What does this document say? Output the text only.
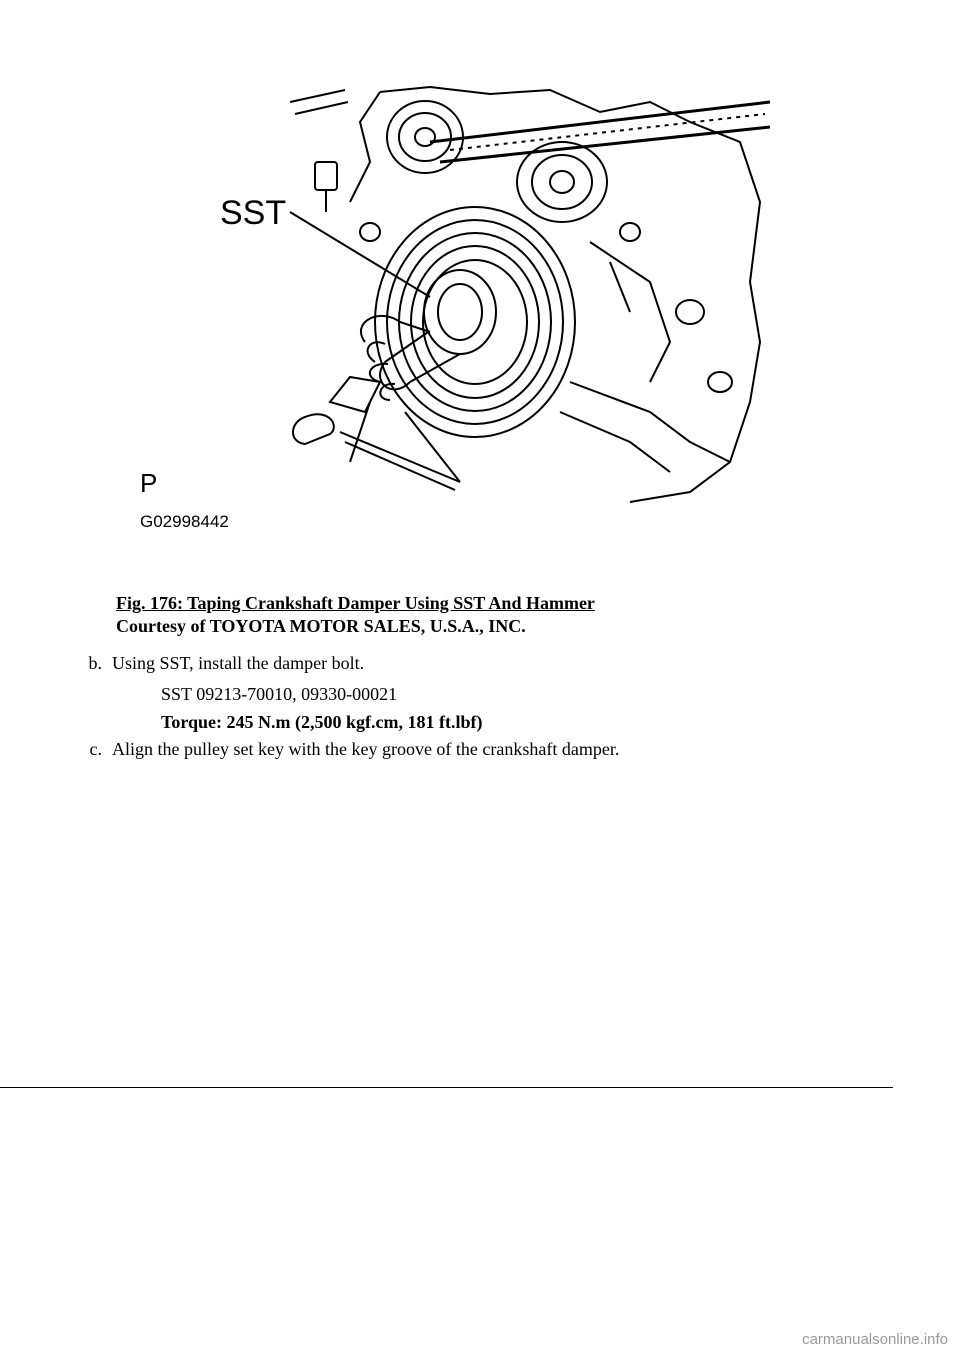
SST
P
G02998442
Fig. 176: Taping Crankshaft Damper Using SST And Hammer
Courtesy of TOYOTA MOTOR SALES, U.S.A., INC.
b. Using SST, install the damper bolt.
SST 09213-70010, 09330-00021
Torque: 245 N.m (2,500 kgf.cm, 181 ft.lbf)
c. Align the pulley set key with the key groove of the crankshaft damper.
carmanualsonline.info
